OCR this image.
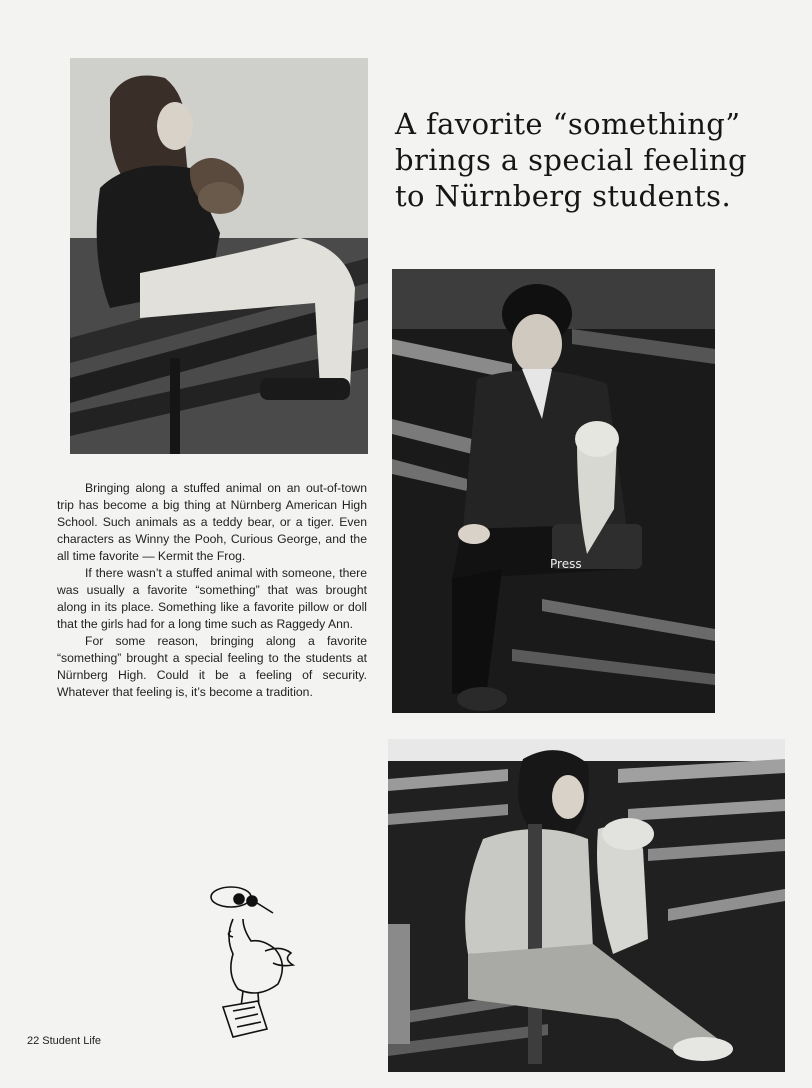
A favorite “something” brings a special feeling to Nürnberg students.
Press

Bringing along a stuffed animal on an out-of-town trip has become a big thing at Nürnberg American High School. Such animals as a teddy bear, or a tiger. Even characters as Winny the Pooh, Curious George, and the all time favorite — Kermit the Frog.

If there wasn’t a stuffed animal with someone, there was usually a favorite “something” that was brought along in its place. Something like a favorite pillow or doll that the girls had for a long time such as Raggedy Ann.

For some reason, bringing along a favorite “something” brought a special feeling to the students at Nürnberg High. Could it be a feeling of security. Whatever that feeling is, it’s become a tradition.

22 Student Life
